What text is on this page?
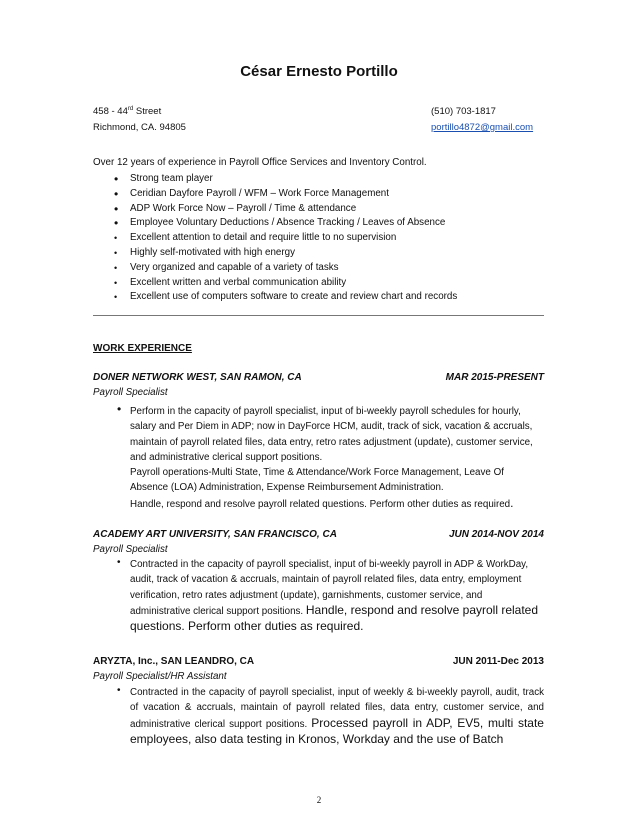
César Ernesto Portillo
458 - 44rd Street
Richmond, CA. 94805
(510) 703-1817
portillo4872@gmail.com
Over 12 years of experience in Payroll Office Services and Inventory Control.
• Strong team player
• Ceridian Dayfore Payroll / WFM – Work Force Management
• ADP Work Force Now – Payroll / Time & attendance
• Employee Voluntary Deductions / Absence Tracking / Leaves of Absence
• Excellent attention to detail and require little to no supervision
• Highly self-motivated with high energy
• Very organized and capable of a variety of tasks
• Excellent written and verbal communication ability
• Excellent use of computers software to create and review chart and records
WORK EXPERIENCE
DONER NETWORK WEST, SAN RAMON, CA	MAR 2015-PRESENT
Payroll Specialist
• Perform in the capacity of payroll specialist, input of bi-weekly payroll schedules for hourly, salary and Per Diem in ADP; now in DayForce HCM, audit, track of sick, vacation & accruals, maintain of payroll related files, data entry, retro rates adjustment (update), customer service, and administrative clerical support positions.

Payroll operations-Multi State, Time & Attendance/Work Force Management, Leave Of Absence (LOA) Administration, Expense Reimbursement Administration.

Handle, respond and resolve payroll related questions. Perform other duties as required.

ACADEMY ART UNIVERSITY, SAN FRANCISCO, CA	JUN 2014-NOV 2014
Payroll Specialist
• Contracted in the capacity of payroll specialist, input of bi-weekly payroll in ADP & WorkDay, audit, track of vacation & accruals, maintain of payroll related files, data entry, employment verification, retro rates adjustment (update), garnishments, customer service, and administrative clerical support positions. Handle, respond and resolve payroll related questions. Perform other duties as required.

ARYZTA, Inc., SAN LEANDRO, CA	JUN 2011-Dec 2013
Payroll Specialist/HR Assistant
• Contracted in the capacity of payroll specialist, input of weekly & bi-weekly payroll, audit, track of vacation & accruals, maintain of payroll related files, data entry, customer service, and administrative clerical support positions. Processed payroll in ADP, EV5, multi state employees, also data testing in Kronos, Workday and the use of Batch

2
